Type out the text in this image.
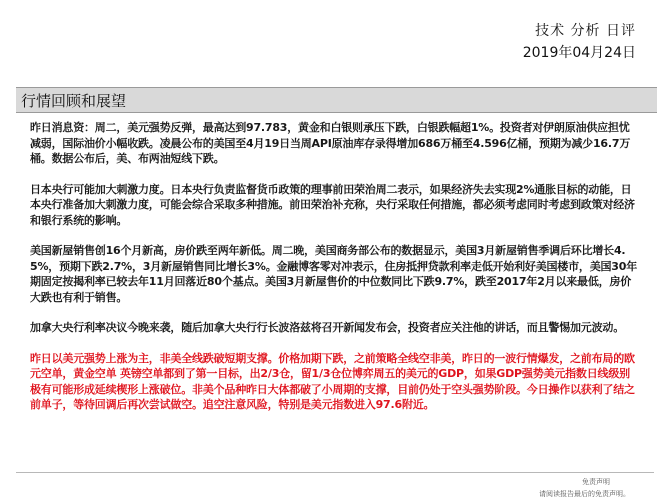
技术 分析 日评
2019年04月24日
行情回顾和展望

昨日消息资：周二，美元强势反弹，最高达到97.783，黄金和白银则承压下跌，白银跌幅超1%。投资者对伊朗原油供应担忧减弱，国际油价小幅收跌。凌晨公布的美国至4月19日当周API原油库存录得增加686万桶至4.596亿桶，预期为减少16.7万桶。数据公布后，美、布两油短线下跌。

日本央行可能加大刺激力度。日本央行负责监督货币政策的理事前田荣治周二表示，如果经济失去实现2%通胀目标的动能，日本央行准备加大刺激力度，可能会综合采取多种措施。前田荣治补充称，央行采取任何措施，都必须考虑同时考虑到政策对经济和银行系统的影响。

美国新屋销售创16个月新高，房价跌至两年新低。周二晚，美国商务部公布的数据显示，美国3月新屋销售季调后环比增长4.5%，预期下跌2.7%，3月新屋销售同比增长3%。金融博客零对冲表示，住房抵押贷款利率走低开始利好美国楼市，美国30年期固定按揭利率已较去年11月回落近80个基点。美国3月新屋售价的中位数同比下跌9.7%，跌至2017年2月以来最低，房价大跌也有利于销售。

加拿大央行利率决议今晚来袭，随后加拿大央行行长波洛兹将召开新闻发布会，投资者应关注他的讲话，而且警惕加元波动。

昨日以美元强势上涨为主，非美全线跌破短期支撑。价格加期下跌，之前策略全线空非美，昨日的一波行情爆发，之前布局的欧元空单，黄金空单 英镑空单都到了第一目标，出2/3仓，留1/3仓位博弈周五的美元的GDP，如果GDP强势美元指数日线级别极有可能形成延续楔形上涨破位。非美个品种昨日大体都破了小周期的支撑，目前仍处于空头强势阶段。今日操作以获利了结之前单子，等待回调后再次尝试做空。追空注意风险，特别是美元指数进入97.6附近。

免责声明
请阅读报告最后的免责声明。
